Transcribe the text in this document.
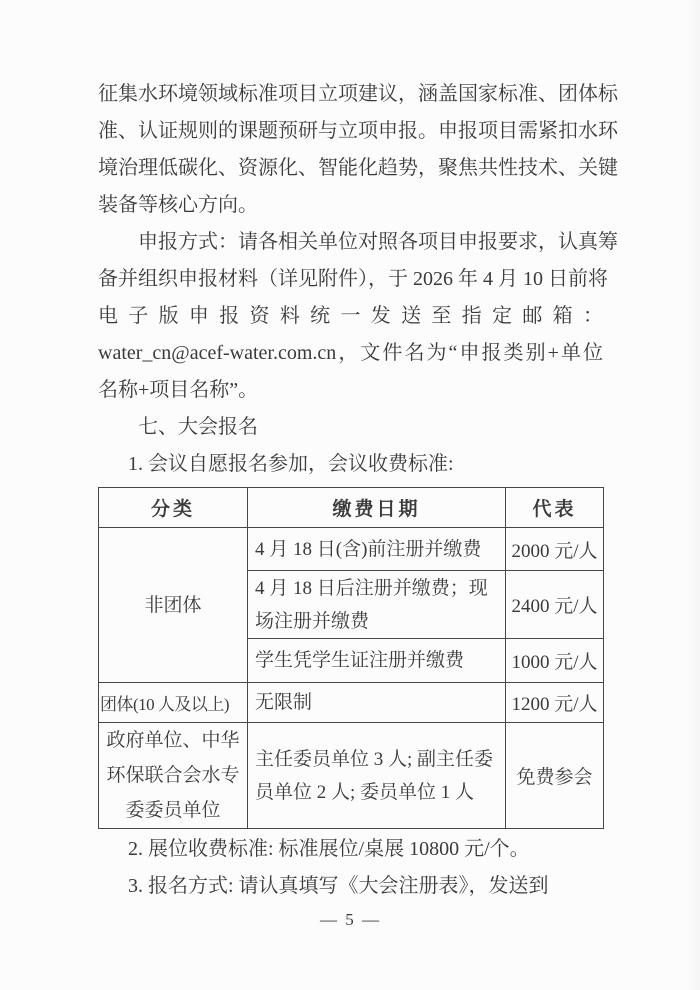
征集水环境领域标准项目立项建议，涵盖国家标准、团体标
准、认证规则的课题预研与立项申报。申报项目需紧扣水环
境治理低碳化、资源化、智能化趋势，聚焦共性技术、关键
装备等核心方向。
申报方式：请各相关单位对照各项目申报要求，认真筹
备并组织申报材料（详见附件），于 2026 年 4 月 10 日前将
电子版申报资料统一发送至指定邮箱：
water_cn@acef-water.com.cn，文件名为“申报类别+单位
名称+项目名称”。
七、大会报名
1. 会议自愿报名参加，会议收费标准:
分类	缴费日期	代表
非团体	4 月 18 日(含)前注册并缴费	2000 元/人
	4 月 18 日后注册并缴费；现场注册并缴费	2400 元/人
	学生凭学生证注册并缴费	1000 元/人
团体(10 人及以上)	无限制	1200 元/人
政府单位、中华环保联合会水专委委员单位	主任委员单位 3 人; 副主任委员单位 2 人; 委员单位 1 人	免费参会
2. 展位收费标准: 标准展位/桌展 10800 元/个。
3. 报名方式: 请认真填写《大会注册表》，发送到
— 5 —
